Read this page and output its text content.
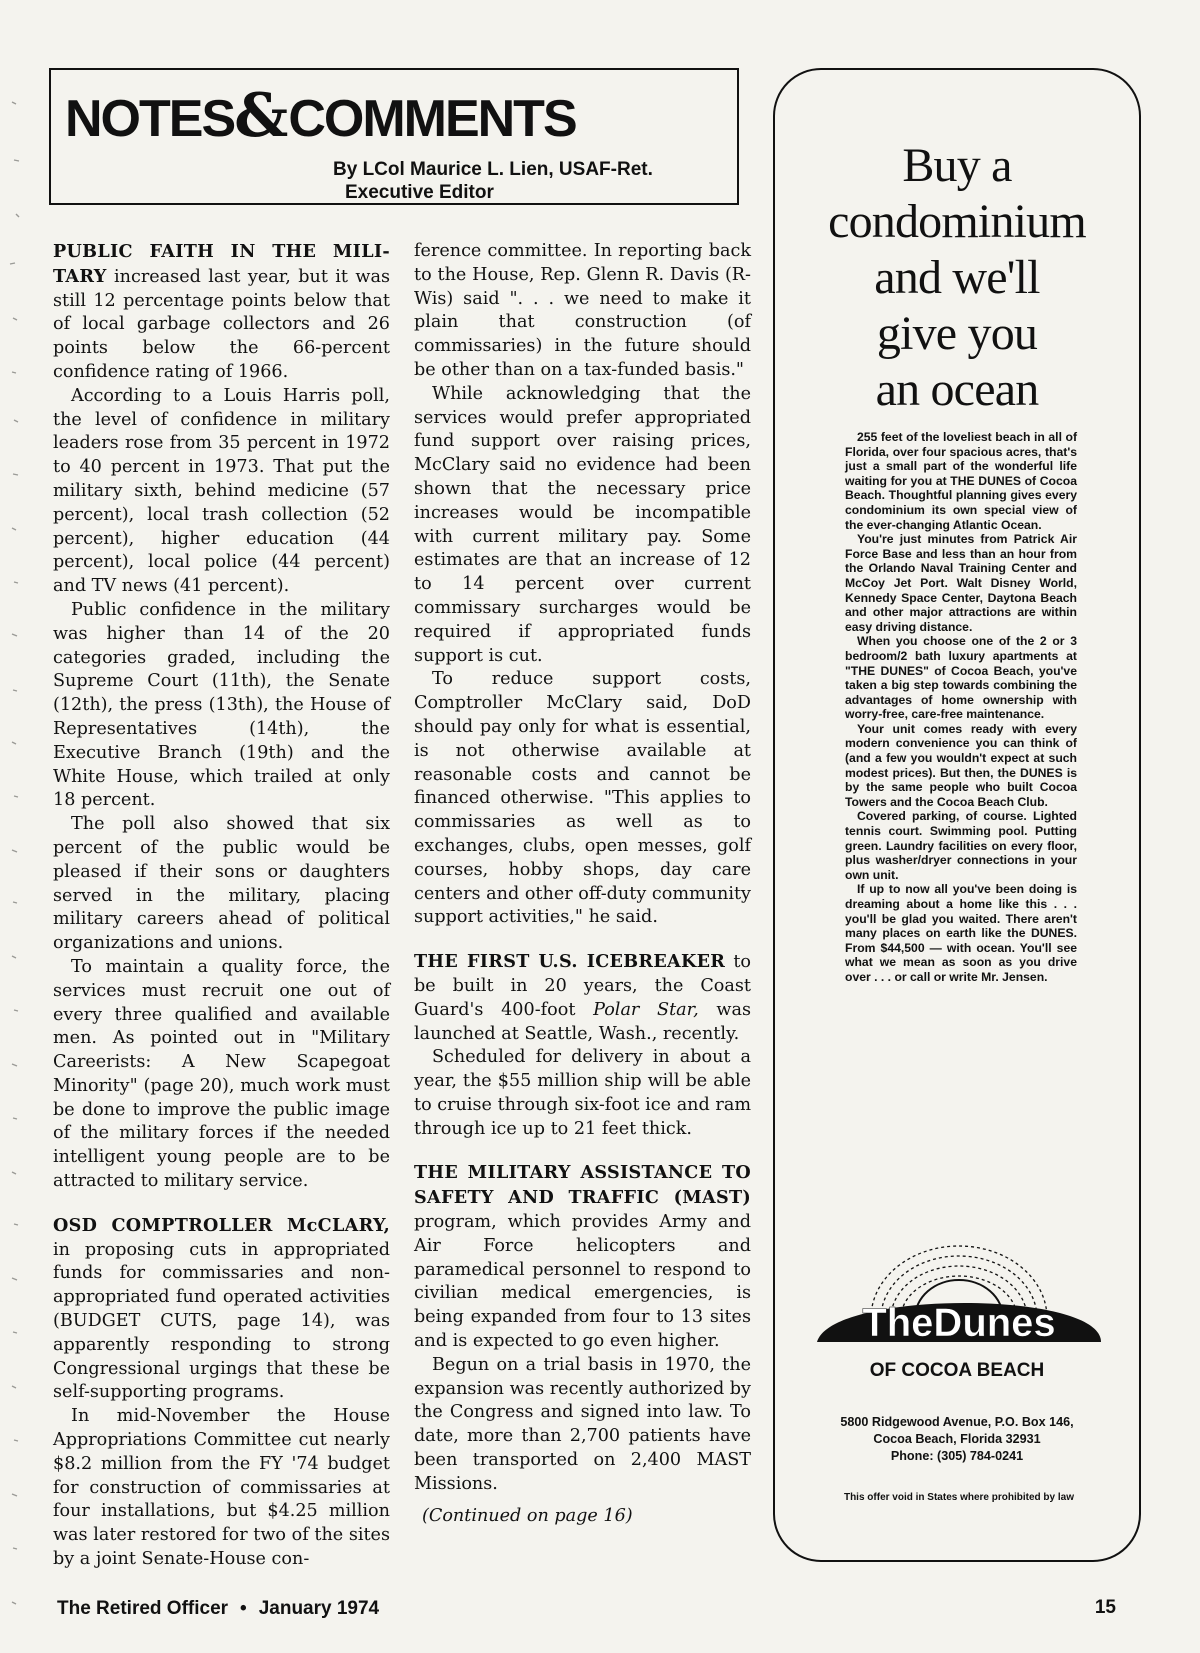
NOTES&COMMENTS
By LCol Maurice L. Lien, USAF-Ret.
Executive Editor

PUBLIC FAITH IN THE MILI-TARY increased last year, but it was still 12 percentage points below that of local garbage collectors and 26 points below the 66-percent confidence rating of 1966.

According to a Louis Harris poll, the level of confidence in military leaders rose from 35 percent in 1972 to 40 percent in 1973. That put the military sixth, behind medicine (57 percent), local trash collection (52 percent), higher education (44 percent), local police (44 percent) and TV news (41 percent).

Public confidence in the military was higher than 14 of the 20 categories graded, including the Supreme Court (11th), the Senate (12th), the press (13th), the House of Representatives (14th), the Executive Branch (19th) and the White House, which trailed at only 18 percent.

The poll also showed that six percent of the public would be pleased if their sons or daughters served in the military, placing military careers ahead of political organizations and unions.

To maintain a quality force, the services must recruit one out of every three qualified and available men. As pointed out in "Military Careerists: A New Scapegoat Minority" (page 20), much work must be done to improve the public image of the military forces if the needed intelligent young people are to be attracted to military service.

OSD COMPTROLLER McCLARY, in proposing cuts in appropriated funds for commissaries and non-appropriated fund operated activities (BUDGET CUTS, page 14), was apparently responding to strong Congressional urgings that these be self-supporting programs.

In mid-November the House Appropriations Committee cut nearly $8.2 million from the FY '74 budget for construction of commissaries at four installations, but $4.25 million was later restored for two of the sites by a joint Senate-House con-

ference committee. In reporting back to the House, Rep. Glenn R. Davis (R-Wis) said ". . . we need to make it plain that construction (of commissaries) in the future should be other than on a tax-funded basis."

While acknowledging that the services would prefer appropriated fund support over raising prices, McClary said no evidence had been shown that the necessary price increases would be incompatible with current military pay. Some estimates are that an increase of 12 to 14 percent over current commissary surcharges would be required if appropriated funds support is cut.

To reduce support costs, Comptroller McClary said, DoD should pay only for what is essential, is not otherwise available at reasonable costs and cannot be financed otherwise. "This applies to commissaries as well as to exchanges, clubs, open messes, golf courses, hobby shops, day care centers and other off-duty community support activities," he said.

THE FIRST U.S. ICEBREAKER to be built in 20 years, the Coast Guard's 400-foot Polar Star, was launched at Seattle, Wash., recently.

Scheduled for delivery in about a year, the $55 million ship will be able to cruise through six-foot ice and ram through ice up to 21 feet thick.

THE MILITARY ASSISTANCE TO SAFETY AND TRAFFIC (MAST) program, which provides Army and Air Force helicopters and paramedical personnel to respond to civilian medical emergencies, is being expanded from four to 13 sites and is expected to go even higher.

Begun on a trial basis in 1970, the expansion was recently authorized by the Congress and signed into law. To date, more than 2,700 patients have been transported on 2,400 MAST Missions.

(Continued on page 16)

Buy a
condominium
and we'll
give you
an ocean

255 feet of the loveliest beach in all of Florida, over four spacious acres, that's just a small part of the wonderful life waiting for you at THE DUNES of Cocoa Beach. Thoughtful planning gives every condominium its own special view of the ever-changing Atlantic Ocean.

You're just minutes from Patrick Air Force Base and less than an hour from the Orlando Naval Training Center and McCoy Jet Port. Walt Disney World, Kennedy Space Center, Daytona Beach and other major attractions are within easy driving distance.

When you choose one of the 2 or 3 bedroom/2 bath luxury apartments at "THE DUNES" of Cocoa Beach, you've taken a big step towards combining the advantages of home ownership with worry-free, care-free maintenance.

Your unit comes ready with every modern convenience you can think of (and a few you wouldn't expect at such modest prices). But then, the DUNES is by the same people who built Cocoa Towers and the Cocoa Beach Club.

Covered parking, of course. Lighted tennis court. Swimming pool. Putting green. Laundry facilities on every floor, plus washer/dryer connections in your own unit.

If up to now all you've been doing is dreaming about a home like this . . . you'll be glad you waited. There aren't many places on earth like the DUNES. From $44,500 — with ocean. You'll see what we mean as soon as you drive over . . . or call or write Mr. Jensen.

TheDunes
OF COCOA BEACH
5800 Ridgewood Avenue, P.O. Box 146,
Cocoa Beach, Florida 32931
Phone: (305) 784-0241
This offer void in States where prohibited by law
The Retired Officer • January 1974	15
